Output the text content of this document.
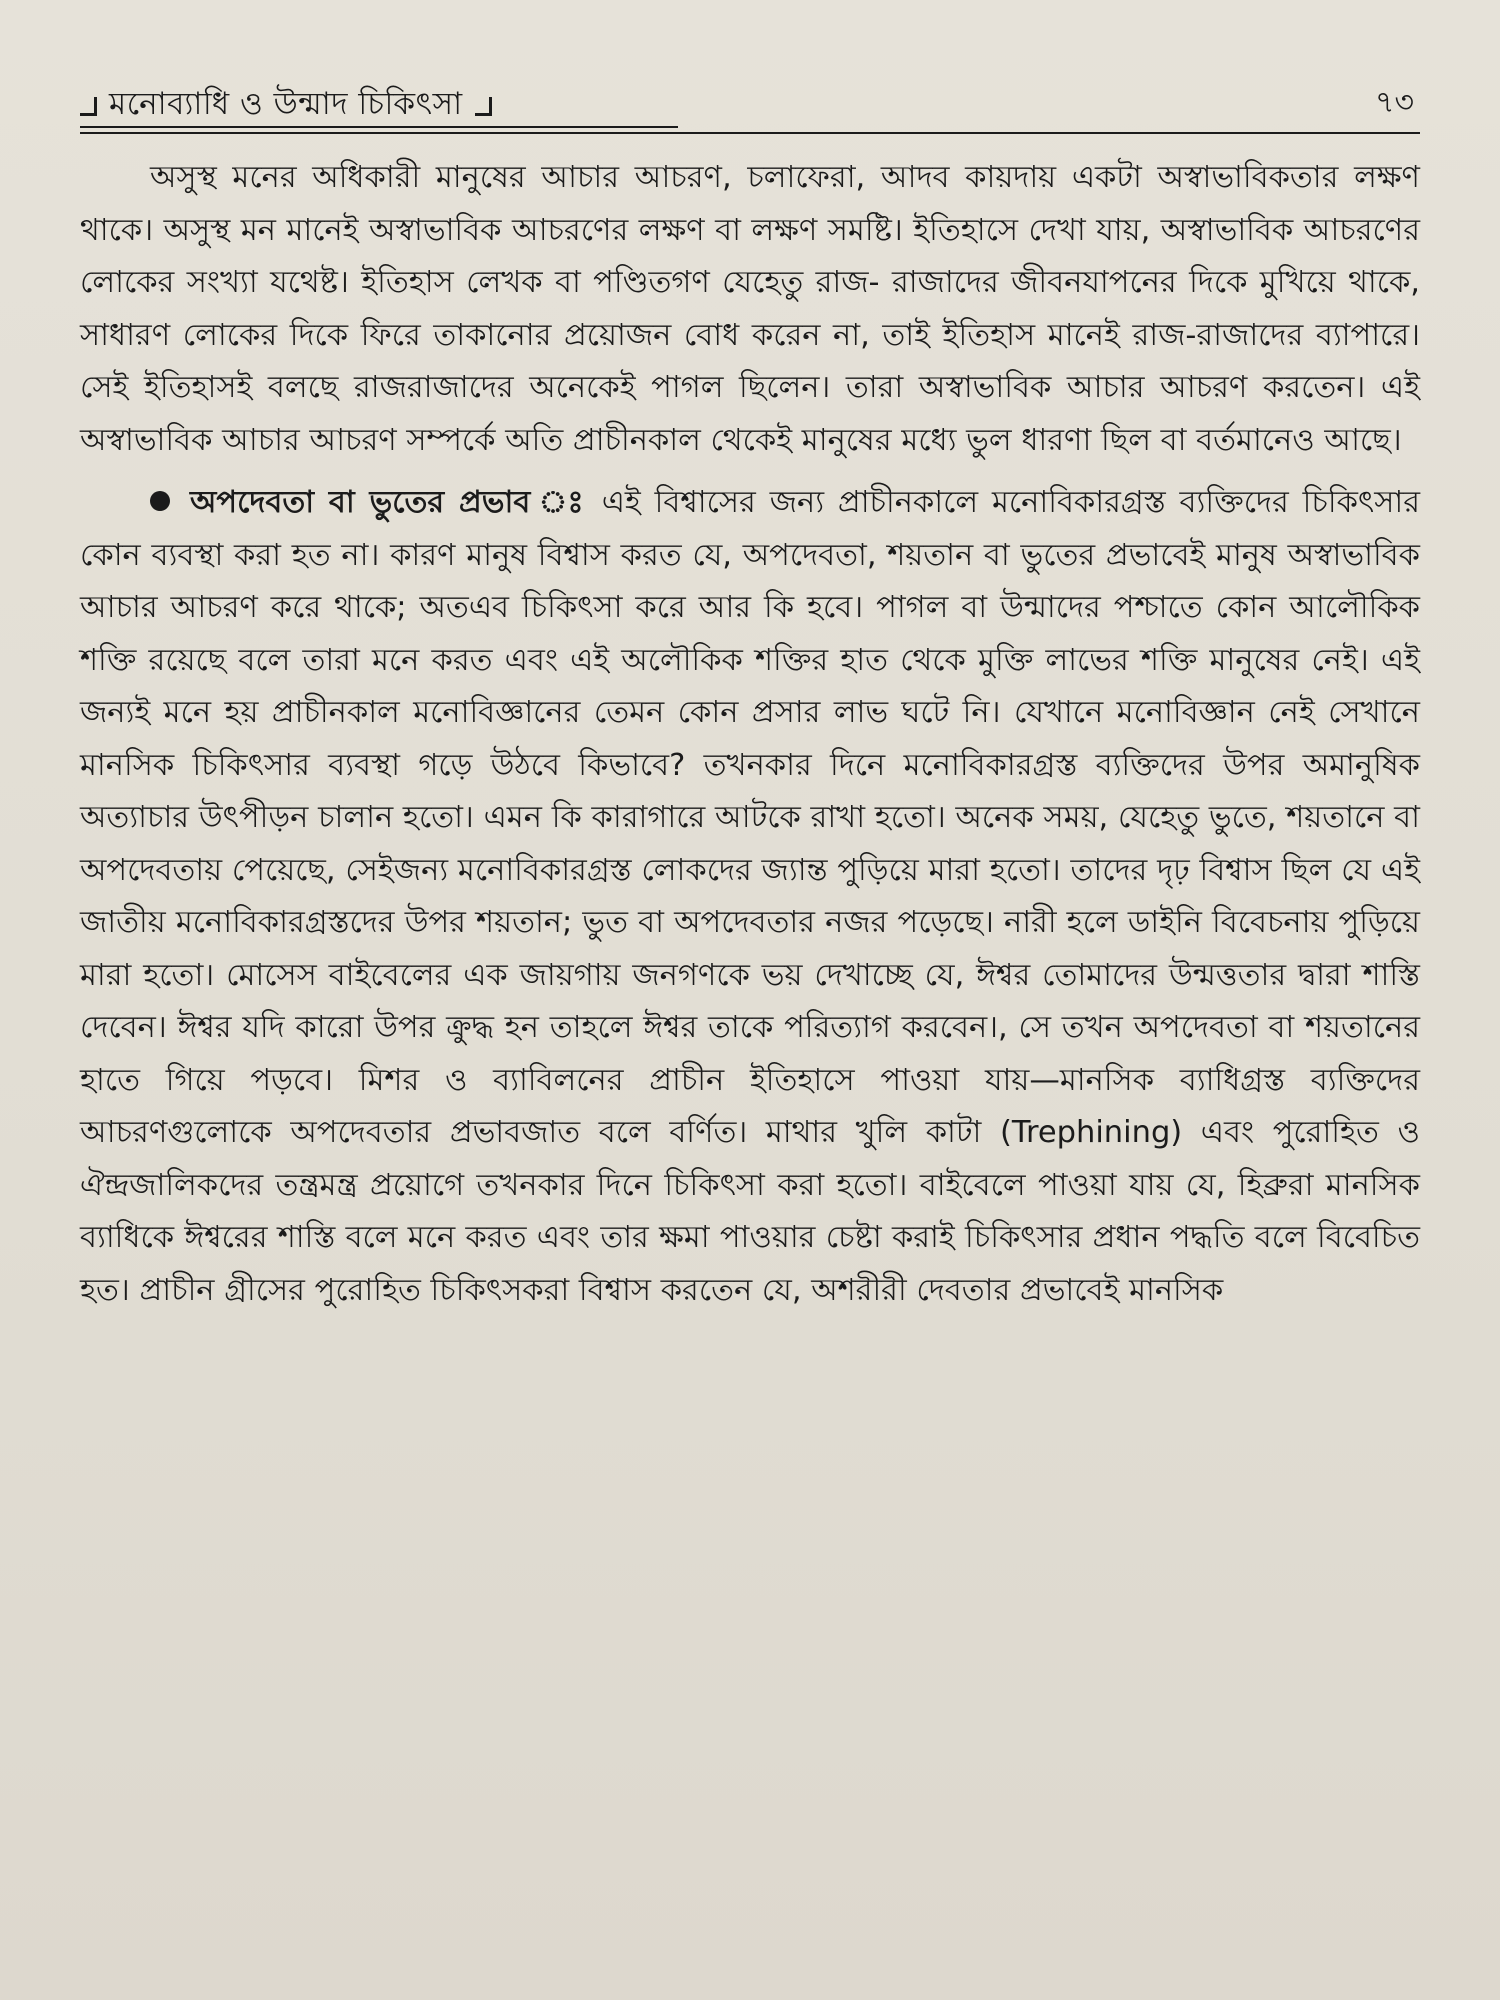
মনোব্যাধি ও উন্মাদ চিকিৎসা	৭৩

অসুস্থ মনের অধিকারী মানুষের আচার আচরণ, চলাফেরা, আদব কায়দায় একটা অস্বাভাবিকতার লক্ষণ থাকে। অসুস্থ মন মানেই অস্বাভাবিক আচরণের লক্ষণ বা লক্ষণ সমষ্টি। ইতিহাসে দেখা যায়, অস্বাভাবিক আচরণের লোকের সংখ্যা যথেষ্ট। ইতিহাস লেখক বা পণ্ডিতগণ যেহেতু রাজ- রাজাদের জীবনযাপনের দিকে মুখিয়ে থাকে, সাধারণ লোকের দিকে ফিরে তাকানোর প্রয়োজন বোধ করেন না, তাই ইতিহাস মানেই রাজ-রাজাদের ব্যাপারে। সেই ইতিহাসই বলছে রাজরাজাদের অনেকেই পাগল ছিলেন। তারা অস্বাভাবিক আচার আচরণ করতেন। এই অস্বাভাবিক আচার আচরণ সম্পর্কে অতি প্রাচীনকাল থেকেই মানুষের মধ্যে ভুল ধারণা ছিল বা বর্তমানেও আছে।

অপদেবতা বা ভুতের প্রভাব ঃ এই বিশ্বাসের জন্য প্রাচীনকালে মনোবিকারগ্রস্ত ব্যক্তিদের চিকিৎসার কোন ব্যবস্থা করা হত না। কারণ মানুষ বিশ্বাস করত যে, অপদেবতা, শয়তান বা ভুতের প্রভাবেই মানুষ অস্বাভাবিক আচার আচরণ করে থাকে; অতএব চিকিৎসা করে আর কি হবে। পাগল বা উন্মাদের পশ্চাতে কোন আলৌকিক শক্তি রয়েছে বলে তারা মনে করত এবং এই অলৌকিক শক্তির হাত থেকে মুক্তি লাভের শক্তি মানুষের নেই। এই জন্যই মনে হয় প্রাচীনকাল মনোবিজ্ঞানের তেমন কোন প্রসার লাভ ঘটে নি। যেখানে মনোবিজ্ঞান নেই সেখানে মানসিক চিকিৎসার ব্যবস্থা গড়ে উঠবে কিভাবে? তখনকার দিনে মনোবিকারগ্রস্ত ব্যক্তিদের উপর অমানুষিক অত্যাচার উৎপীড়ন চালান হতো। এমন কি কারাগারে আটকে রাখা হতো। অনেক সময়, যেহেতু ভুতে, শয়তানে বা অপদেবতায় পেয়েছে, সেইজন্য মনোবিকারগ্রস্ত লোকদের জ্যান্ত পুড়িয়ে মারা হতো। তাদের দৃঢ় বিশ্বাস ছিল যে এই জাতীয় মনোবিকারগ্রস্তদের উপর শয়তান; ভুত বা অপদেবতার নজর পড়েছে। নারী হলে ডাইনি বিবেচনায় পুড়িয়ে মারা হতো। মোসেস বাইবেলের এক জায়গায় জনগণকে ভয় দেখাচ্ছে যে, ঈশ্বর তোমাদের উন্মত্ততার দ্বারা শাস্তি দেবেন। ঈশ্বর যদি কারো উপর ক্রুদ্ধ হন তাহলে ঈশ্বর তাকে পরিত্যাগ করবেন।, সে তখন অপদেবতা বা শয়তানের হাতে গিয়ে পড়বে। মিশর ও ব্যাবিলনের প্রাচীন ইতিহাসে পাওয়া যায়—মানসিক ব্যাধিগ্রস্ত ব্যক্তিদের আচরণগুলোকে অপদেবতার প্রভাবজাত বলে বর্ণিত। মাথার খুলি কাটা (Trephining) এবং পুরোহিত ও ঐন্দ্রজালিকদের তন্ত্রমন্ত্র প্রয়োগে তখনকার দিনে চিকিৎসা করা হতো। বাইবেলে পাওয়া যায় যে, হিব্রুরা মানসিক ব্যাধিকে ঈশ্বরের শাস্তি বলে মনে করত এবং তার ক্ষমা পাওয়ার চেষ্টা করাই চিকিৎসার প্রধান পদ্ধতি বলে বিবেচিত হত। প্রাচীন গ্রীসের পুরোহিত চিকিৎসকরা বিশ্বাস করতেন যে, অশরীরী দেবতার প্রভাবেই মানসিক
